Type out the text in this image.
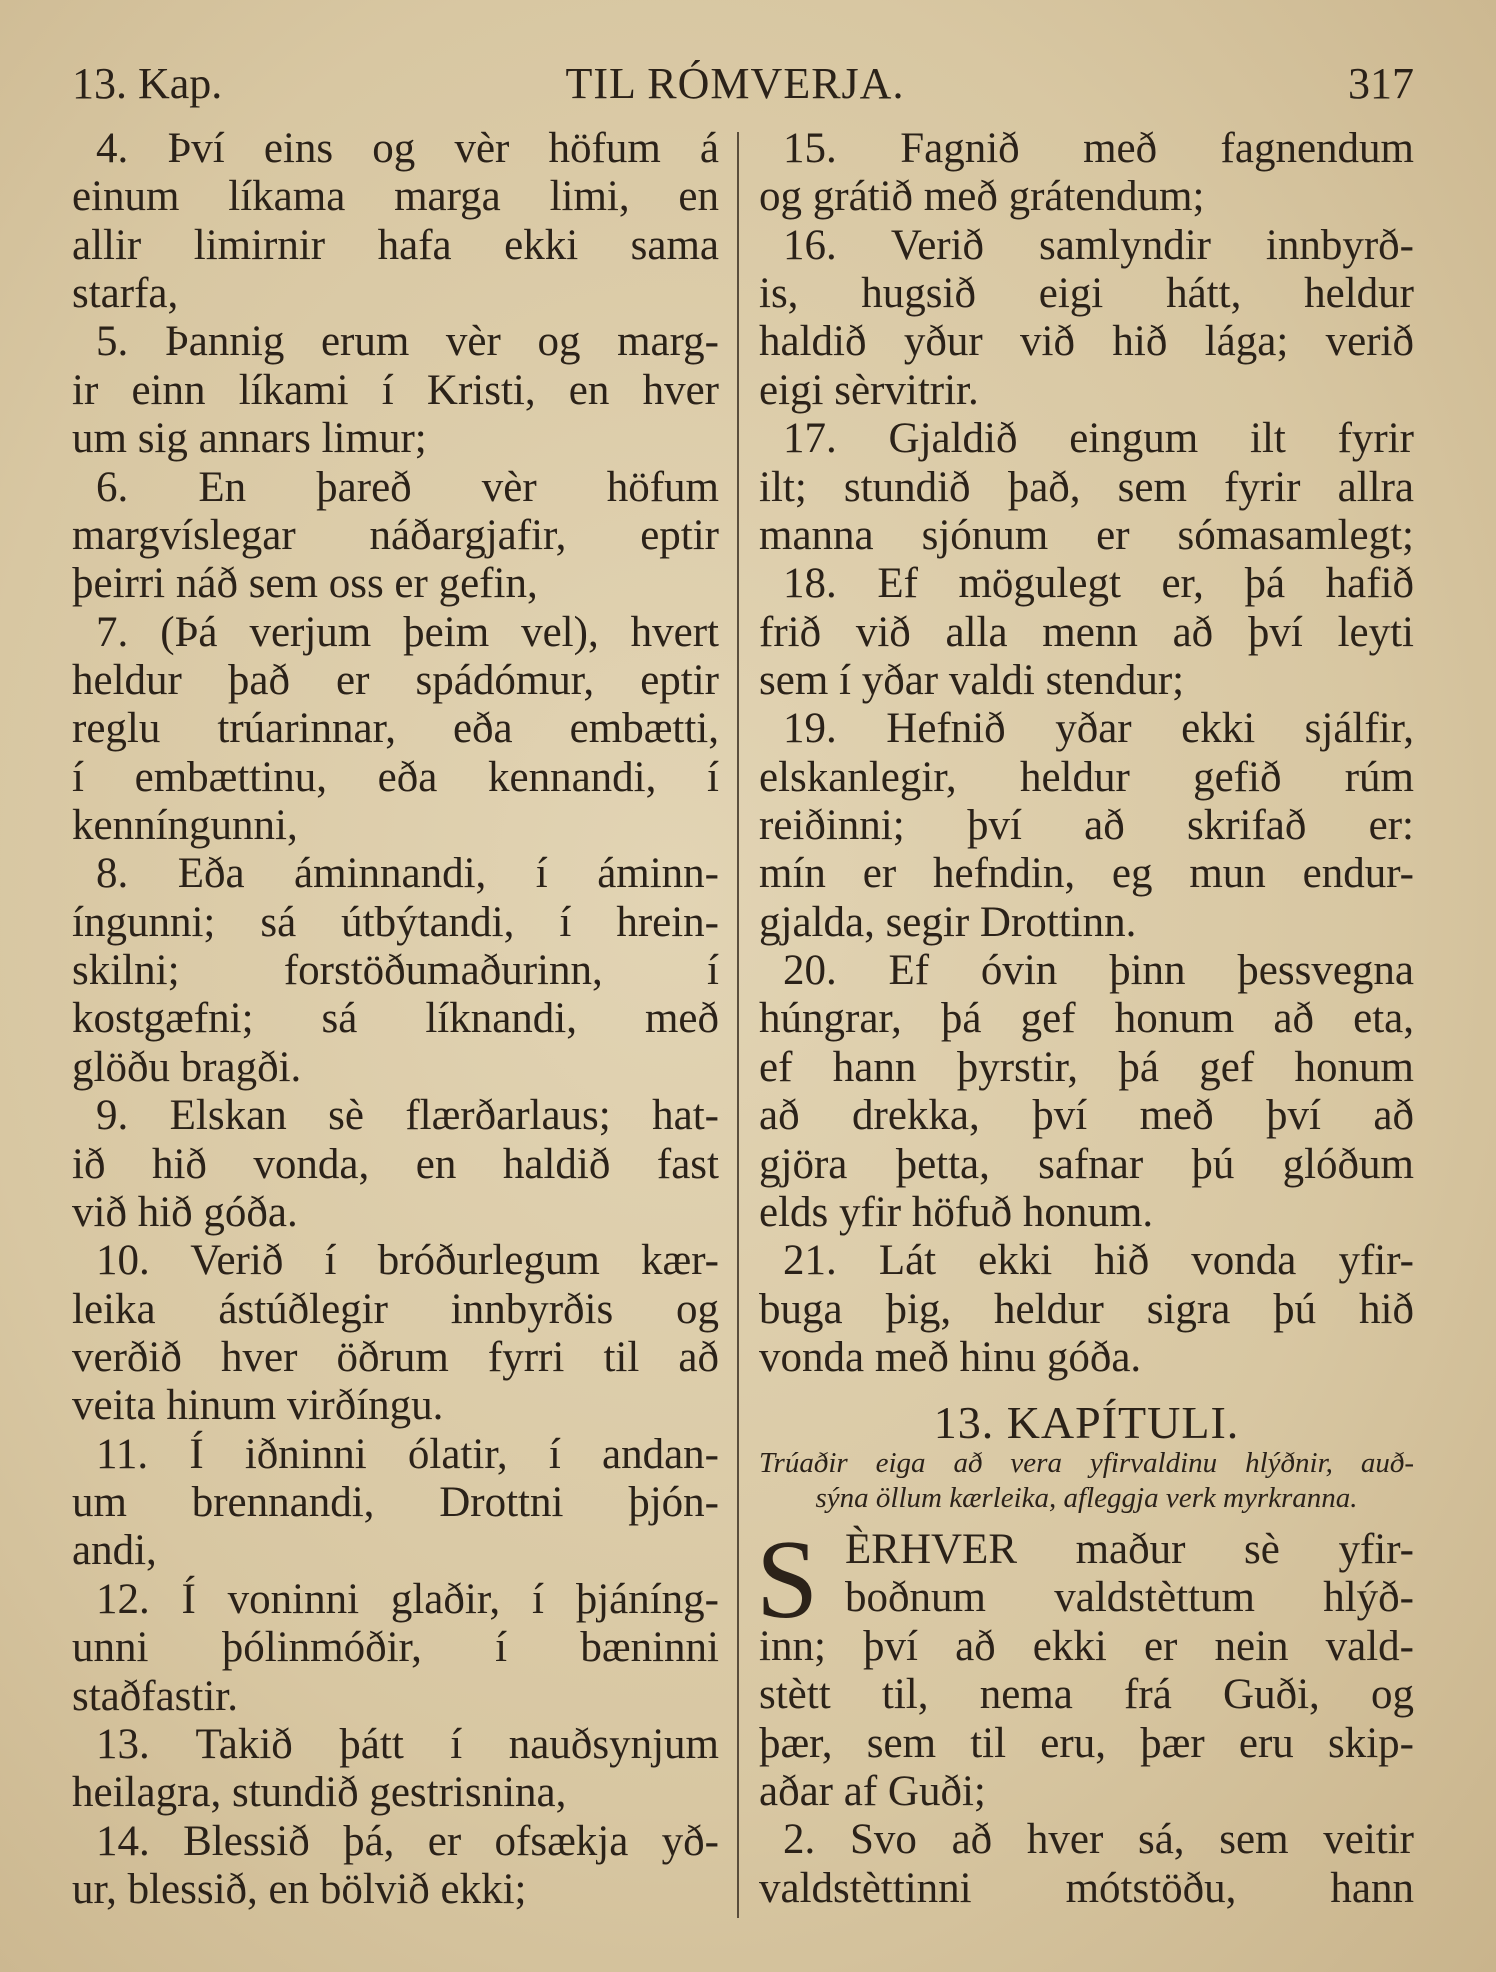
13. Kap.	TIL RÓMVERJA.	317
4. Því eins og vèr höfum á
einum líkama marga limi, en
allir limirnir hafa ekki sama
starfa,
5. Þannig erum vèr og marg-
ir einn líkami í Kristi, en hver
um sig annars limur;
6. En þareð vèr höfum
margvíslegar náðargjafir, eptir
þeirri náð sem oss er gefin,
7. (Þá verjum þeim vel), hvert
heldur það er spádómur, eptir
reglu trúarinnar, eða embætti,
í embættinu, eða kennandi, í
kenníngunni,
8. Eða áminnandi, í áminn-
íngunni; sá útbýtandi, í hrein-
skilni; forstöðumaðurinn, í
kostgæfni; sá líknandi, með
glöðu bragði.
9. Elskan sè flærðarlaus; hat-
ið hið vonda, en haldið fast
við hið góða.
10. Verið í bróðurlegum kær-
leika ástúðlegir innbyrðis og
verðið hver öðrum fyrri til að
veita hinum virðíngu.
11. Í iðninni ólatir, í andan-
um brennandi, Drottni þjón-
andi,
12. Í voninni glaðir, í þjáníng-
unni þólinmóðir, í bæninni
staðfastir.
13. Takið þátt í nauðsynjum
heilagra, stundið gestrisnina,
14. Blessið þá, er ofsækja yð-
ur, blessið, en bölvið ekki;
15. Fagnið með fagnendum
og grátið með grátendum;
16. Verið samlyndir innbyrð-
is, hugsið eigi hátt, heldur
haldið yður við hið lága; verið
eigi sèrvitrir.
17. Gjaldið eingum ilt fyrir
ilt; stundið það, sem fyrir allra
manna sjónum er sómasamlegt;
18. Ef mögulegt er, þá hafið
frið við alla menn að því leyti
sem í yðar valdi stendur;
19. Hefnið yðar ekki sjálfir,
elskanlegir, heldur gefið rúm
reiðinni; því að skrifað er:
mín er hefndin, eg mun endur-
gjalda, segir Drottinn.
20. Ef óvin þinn þessvegna
húngrar, þá gef honum að eta,
ef hann þyrstir, þá gef honum
að drekka, því með því að
gjöra þetta, safnar þú glóðum
elds yfir höfuð honum.
21. Lát ekki hið vonda yfir-
buga þig, heldur sigra þú hið
vonda með hinu góða.
13. KAPÍTULI.
Trúaðir eiga að vera yfirvaldinu hlýðnir, auð-
sýna öllum kærleika, afleggja verk myrkranna.
S ÈRHVER maður sè yfir-
boðnum valdstèttum hlýð-
inn; því að ekki er nein vald-
stètt til, nema frá Guði, og
þær, sem til eru, þær eru skip-
aðar af Guði;
2. Svo að hver sá, sem veitir
valdstèttinni mótstöðu, hann
